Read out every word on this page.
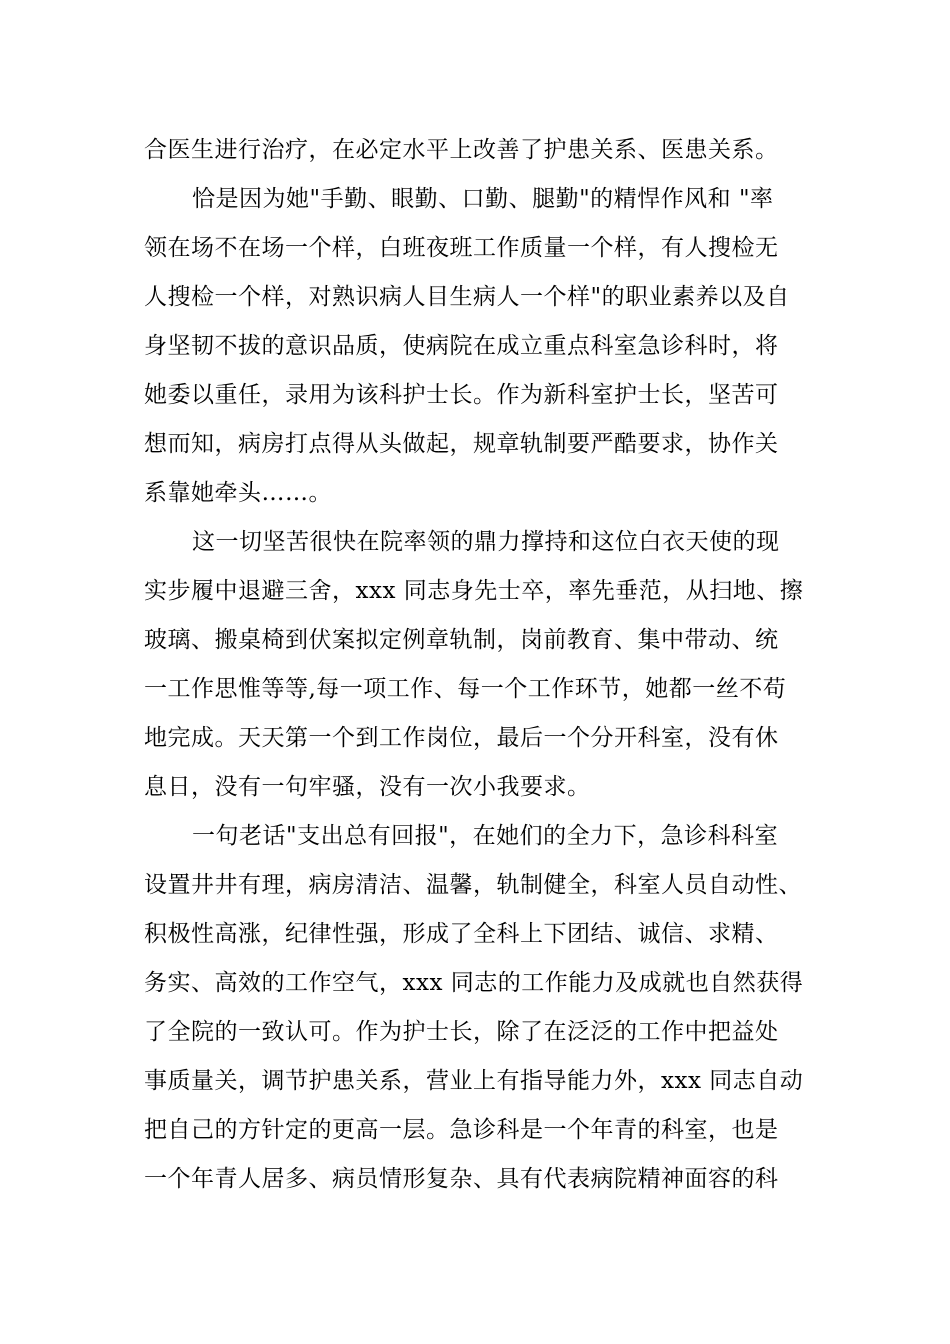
合医生进行治疗，在必定水平上改善了护患关系、医患关系。
恰是因为她"手勤、眼勤、口勤、腿勤"的精悍作风和 "率
领在场不在场一个样，白班夜班工作质量一个样，有人搜检无
人搜检一个样，对熟识病人目生病人一个样"的职业素养以及自
身坚韧不拔的意识品质，使病院在成立重点科室急诊科时，将
她委以重任，录用为该科护士长。作为新科室护士长，坚苦可
想而知，病房打点得从头做起，规章轨制要严酷要求，协作关
系靠她牵头……。
这一切坚苦很快在院率领的鼎力撑持和这位白衣天使的现
实步履中退避三舍，xxx 同志身先士卒，率先垂范，从扫地、擦
玻璃、搬桌椅到伏案拟定例章轨制，岗前教育、集中带动、统
一工作思惟等等,每一项工作、每一个工作环节，她都一丝不苟
地完成。天天第一个到工作岗位，最后一个分开科室，没有休
息日，没有一句牢骚，没有一次小我要求。
一句老话"支出总有回报"，在她们的全力下，急诊科科室
设置井井有理，病房清洁、温馨，轨制健全，科室人员自动性、
积极性高涨，纪律性强，形成了全科上下团结、诚信、求精、
务实、高效的工作空气，xxx 同志的工作能力及成就也自然获得
了全院的一致认可。作为护士长，除了在泛泛的工作中把益处
事质量关，调节护患关系，营业上有指导能力外，xxx 同志自动
把自己的方针定的更高一层。急诊科是一个年青的科室，也是
一个年青人居多、病员情形复杂、具有代表病院精神面容的科
